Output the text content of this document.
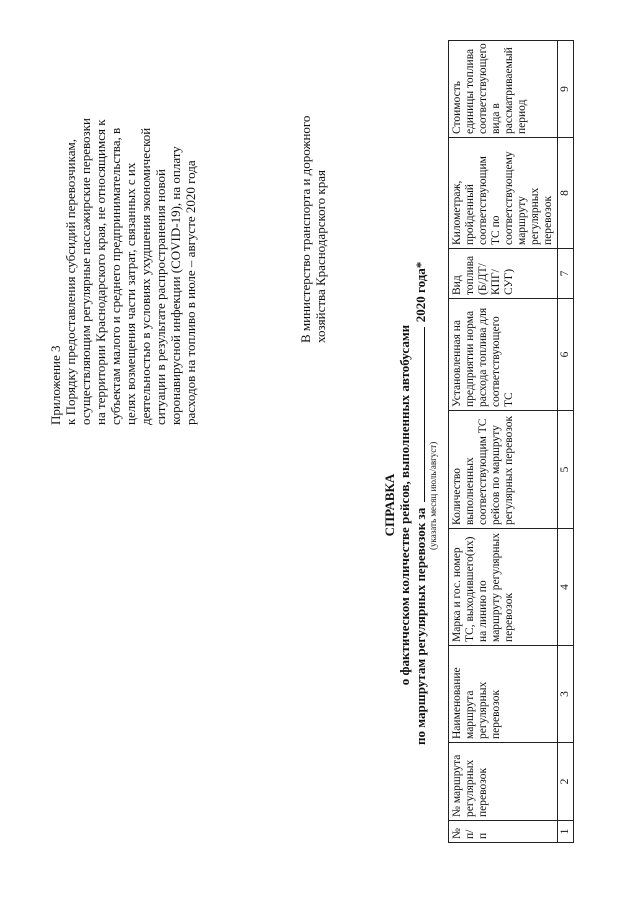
Приложение 3 к Порядку предоставления субсидий перевозчикам, осуществляющим регулярные пассажирские перевозки на территории Краснодарского края, не относящимся к субъектам малого и среднего предпринимательства, в целях возмещения части затрат, связанных с их деятельностью в условиях ухудшения экономической ситуации в результате распространения новой коронавирусной инфекции (COVID-19), на оплату расходов на топливо в июле – августе 2020 года	В министерство транспорта и дорожного хозяйства Краснодарского края
СПРАВКА о фактическом количестве рейсов, выполненных автобусами по маршрутам регулярных перевозок за  2020 года*
(указать месяц июль/август)
№ п/п	№ маршрута регулярных перевозок	Наименование маршрута регулярных перевозок	Марка и гос. номер ТС, выходившего(их) на линию по маршруту регулярных перевозок	Количество выполненных соответствующим ТС рейсов по маршруту регулярных перевозок	Установленная на предприятии норма расхода топлива для соответствующего ТС	Вид топлива (Б/ДТ/КПГ/СУГ)	Километраж, пройденный соответствующим ТС по соответствующему маршруту регулярных перевозок	Стоимость единицы топлива соответствующего вида в рассматриваемый период
1	2	3	4	5	6	7	8	9
